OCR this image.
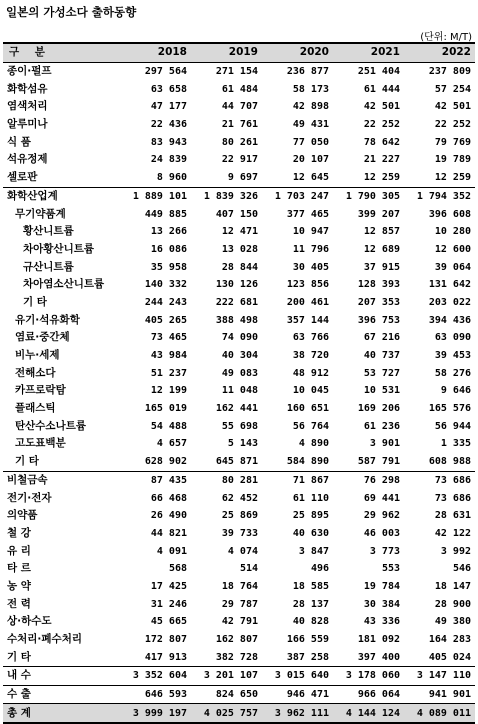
일본의 가성소다 출하동향
(단위: M/T)
구 분	2018	2019	2020	2021	2022
종이·펄프	297 564	271 154	236 877	251 404	237 809
화학섬유	63 658	61 484	58 173	61 444	57 254
염색처리	47 177	44 707	42 898	42 501	42 501
알루미나	22 436	21 761	49 431	22 252	22 252
식 품	83 943	80 261	77 050	78 642	79 769
석유정제	24 839	22 917	20 107	21 227	19 789
셀로판	8 960	9 697	12 645	12 259	12 259
화학산업계	1 889 101	1 839 326	1 703 247	1 790 305	1 794 352
무기약품계	449 885	407 150	377 465	399 207	396 608
황산니트륨	13 266	12 471	10 947	12 857	10 280
차아황산니트륨	16 086	13 028	11 796	12 689	12 600
규산니트륨	35 958	28 844	30 405	37 915	39 064
차아염소산니트륨	140 332	130 126	123 856	128 393	131 642
기 타	244 243	222 681	200 461	207 353	203 022
유기·석유화학	405 265	388 498	357 144	396 753	394 436
염료·중간체	73 465	74 090	63 766	67 216	63 090
비누·세제	43 984	40 304	38 720	40 737	39 453
전해소다	51 237	49 083	48 912	53 727	58 276
카프로락탐	12 199	11 048	10 045	10 531	9 646
플래스틱	165 019	162 441	160 651	169 206	165 576
탄산수소나트륨	54 488	55 698	56 764	61 236	56 944
고도표백분	4 657	5 143	4 890	3 901	1 335
기 타	628 902	645 871	584 890	587 791	608 988
비철금속	87 435	80 281	71 867	76 298	73 686
전기·전자	66 468	62 452	61 110	69 441	73 686
의약품	26 490	25 869	25 895	29 962	28 631
철 강	44 821	39 733	40 630	46 003	42 122
유 리	4 091	4 074	3 847	3 773	3 992
타 르	568	514	496	553	546
농 약	17 425	18 764	18 585	19 784	18 147
전 력	31 246	29 787	28 137	30 384	28 900
상·하수도	45 665	42 791	40 828	43 336	49 380
수처리·폐수처리	172 807	162 807	166 559	181 092	164 283
기 타	417 913	382 728	387 258	397 400	405 024
내 수	3 352 604	3 201 107	3 015 640	3 178 060	3 147 110
수 출	646 593	824 650	946 471	966 064	941 901
총 계	3 999 197	4 025 757	3 962 111	4 144 124	4 089 011
